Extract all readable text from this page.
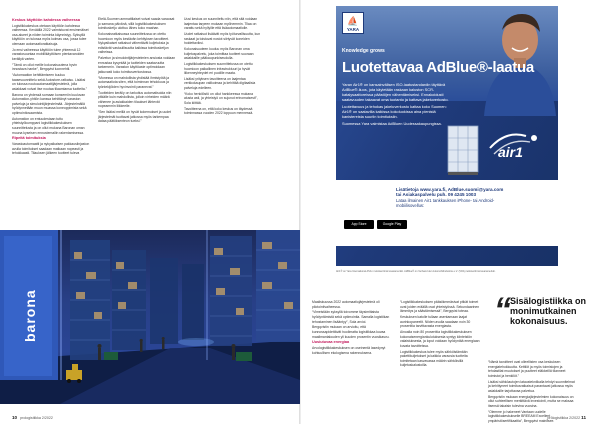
Keskus käyttöön kahdessa vaiheessa

Logistiikkakeskus otetaan käyttöön kahdessa vaiheessa. Keväällä 2022 valmistuvat ensimmäiset osa-alueet ja niiden toiminta käynnistyy. Syksyllä käyttöön on tulossa myös kolmas osa, jossa tulee olemaan automaatioratkaisuja.

Jo ensi vaiheessa käyttöön tulee yhteensä 12 varastosuuntaa mobiilikäyttöisen pientavaroiden keräilyä varten.

“Tämä on ollut meille kokonaisuutena hyvin innostava hanke”, Bergqvist luonnehtii.

“Automaation kehittämiseen kuuluu taasesuunnittelu sekä Autostore-ratkaisu. Lisäksi on tulossa noutoautomaattijärjestelmä, jolla asiakkaat voivat itse noutaa tilaamiansa tuotteita.”

Barona on yhdessä somaan konserniin kuuluvan Automation-yhtiön kanssa kehittänyt varaston palveluja ja simulointijärjestelmää. Järjestelmällä hyödynnetään muun muassa koneoppimista sekä optimointiosaamista.

Automation on entuudestaan tuttu yhteistyökumppani logistiikkakeskuksen suunnittelusta ja on ollut mukana Baronan oman muuna kyseisen ennustemallin rakentamisessa.

Ripeitä toimituksia

Varastoautomaatti ja nykyaikaisen pakkauslinjaston avulla toimitukset saadaan matkaan nopeasti ja tehokkaasti. Tilauksen jälkeen tuotteet tuleva

Etelä-Suomen ammattilaiset voivat saada varaosat jo samana päivänä, sillä logistiikkakeskuksen toimitusketju ulottuu lähes koko maahan.

Kokonaisratkaisussa suunnittelussa on otettu huomioon myös kestävän kehityksen tavoitteet. Nykyaikaiset ratkaisut vähentävät kuljetuksia ja edistävät vastuullisuutta kaikissa toimitusketjun vaiheissa.

Palvelun ja simulointijärjestelmien ansiosta voidaan ennustaa kysyntää ja tuotteiden saatavuutta tarkemmin. Varaston käyttöaste optimoidaan jatkuvasti koko toimitusverkostossa.

“Monessa on mahdollista yhdistää ihmistyötä ja automaatiota siten, että toiminnan tehokkuus ja työntekijöiden hyvinvointi paranevat.”

Tuotteiden keräily on tarkoitus automatisoida niin pitkälle kuin mahdollista, jolloin virheiden määrä vähenee ja asiakkaiden tilaukset lähtevät nopeammin liikkeelle.

“Sen lisäksi meillä on hyvät kokemukset ja uudet järjestelmät tuottavat jatkossa myös tarkempaa dataa päätöksenteon tueksi.”

Uusi keskus on suunniteltu niin, että sitä voidaan laajentaa tarpeen mukaan myöhemmin. Tilaa on varattu sekä hyllyille että lisäautomaatiolle.

Uudet ratkaisut lisäävät myös työturvallisuutta, kun raskaat ja toistuvat nostot siirtyvät koneiden hoidettaviksi.

Kokonaisuuteen kuuluu myös Baronan oma kuljetuspalvelu, joka toimittaa tuotteet suoraan asiakkaille pääkaupunkiseudulla.

Logistiikkakeskuksen suunnittelussa on otettu huomioon paikallinen infrastruktuuri ja hyvät liikenneyhteydet eri puolille maata.

Lisäksi yrityksen tavoitteena on laajentaa verkkokaupan valikoimaa ja kehittää digitaalisia palveluja edelleen.

“Koko henkilöstö on ollut hankkeessa mukana alusta asti, ja yhteistyö on sujunut erinomaisesti”, Sola kiittää.

Tavoitteena on, että koko keskus on täydessä toiminnassa vuoden 2022 loppuun mennessä.

barona
10 prologistiikka 2/2022
⛵
YARA
Knowledge grows
Luotettavaa AdBlue®-laatua

Yaran Air1® on kansainvälisen ISO-laatustandardin täyttävä AdBlue®-liuos, jota käytetään raskaan kaluston SCR-katalysaattoreissa päästöjen vähentämiseksi. Ennakoidusti saatavuuden takaavat oma tuotanto ja kattava jakeluverkosto.

Luotettavuus ja tehokas jakeluverkosto kattaa koko Suomen: Air1® on saatavilla kaikissa kokoluokissa aina pienistä kanistereista suuriin toimituksiin.

Suomessa Yara valmistaa AdBluen Uudessakaupungissa.

air1
Lisätietoja www.yara.fi, AdBlue.suomi@yara.com
tai Asiakaspalvelu puh. 09 4245 1003
Lataa ilmainen Air1 tankkauksen iPhone- tai Android-mobiilisovellus:
App Store	Google Play
Air1® on Yara International ASA:n rekisteröimä tavaramerkki. AdBlue® on Verband der Automobilindustrie e.V. (VDA) rekisteröimä tavaramerkki.

Maaliskuussa 2022 automaatiojärjestelmä oli pilotointivaiheessa.

“Vimeistään syksyllä toivomme täysimittaista hyödyntämistä sekä optimointia. Samalla logistiikan tehostaminen lisääntyy”, Sola arvioi.

Bergqvistin mukaan on arvioitu, että kunnossapidettävät huolimatta logistiikkaa kuvaa maailmantalouden yli kuuden prosentin vuosikasvu.

Uusiutuvaa energiaa

Arvologistiikkakeskuksen on oseinentä lasedynyt kohtuullisen ekologisena rakennuksena.

“Logistiikkakeskuksen pääsiikmmäsivat pitkät toimet ovat joiden eräällä ovat yhteistyössä. Sekundaarinen lämmitys ja säästämisessä”, Bergqvist toteaa.

Keskuksen katolle tullaan asentamaan laajat aurinkopaneelit. Niiden avulla saadaan noin 30 prosenttia tarvittavasta energiasta.

Ainoalla noin 80 prosenttia logistiikkakeskuksen kokonaisenergiankulutuksesta syntyy kiinteistön valaistuksesta, ja loput voidaan hyödyntää energiaan kuvata tavoitteissa.

Logistiikkakeskus tulee myös sähköistämään pakettikuljetukset ja kaikkia varaosia tuotteita toimitetaan kasvavassa määrin sähköisillä kuljetuskalustoilla.

“ Sisälogistiikka on monimutkainen kokonaisuus.

“Nämä tavoitteet ovat olleellisten osa keskuksen energiatehokkuutta. Keittiöt ja myös toimistojen ja tehdastilat muutokset ja puutteet eläkkeillä tilanneet toimistot ja henkilöt.”

Lisäksi sähköautojen lataustekniikalla tehdyt suunnitelmat ja kehittyneet toimitusratkaisut parantavat jatkossa myös asiakkaille tarjottavaa palvelua.

Bergqvistin mukaan energiajärjestelmien kokonaisuus on ollut suhteellisen merkittävä investointi, mutta se maksaa itsensä takaisin tulevina vuosina.

“Olemme jo hakeneet Vantaan uudelle logistiikkakeskukselle BREEAM Excellent -ympäristösertifikaattia”, Bergqvist mainitsee.

prologistiikka 2/2022 11
